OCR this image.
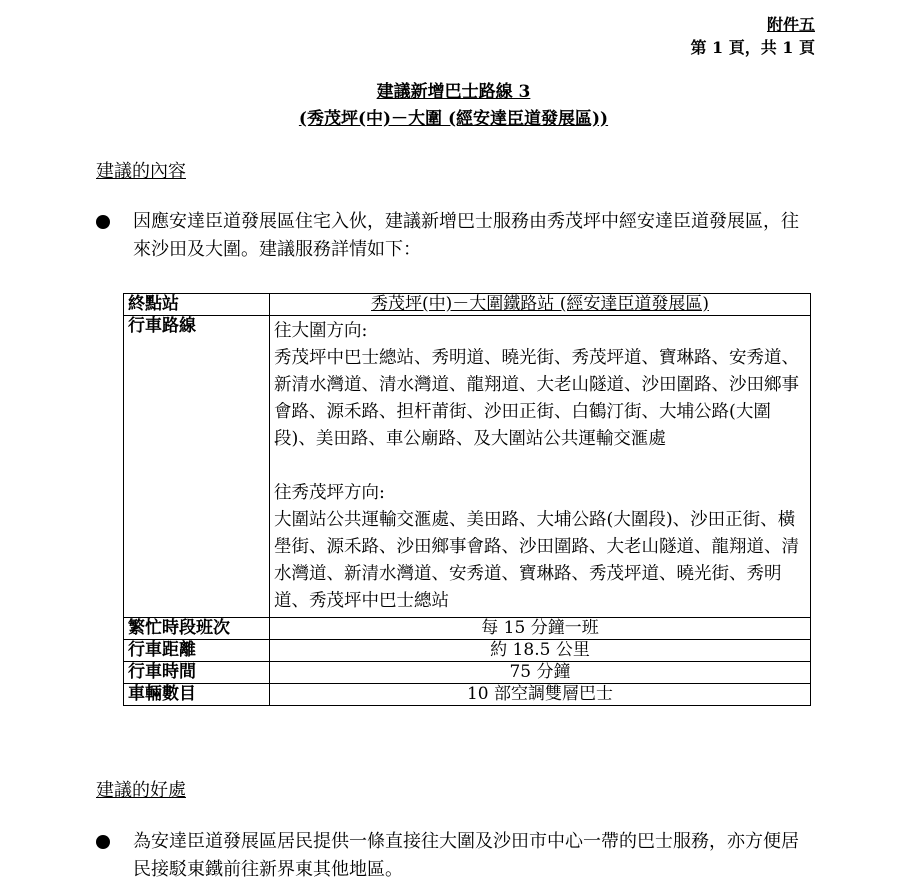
附件五
第 1 頁，共 1 頁
建議新增巴士路線 3
(秀茂坪(中)－大圍 (經安達臣道發展區))
建議的內容
因應安達臣道發展區住宅入伙，建議新增巴士服務由秀茂坪中經安達臣道發展區，往來沙田及大圍。建議服務詳情如下：
終點站	秀茂坪(中)－大圍鐵路站 (經安達臣道發展區)
行車路線	往大圍方向:
秀茂坪中巴士總站、秀明道、曉光街、秀茂坪道、寶琳路、安秀道、新清水灣道、清水灣道、龍翔道、大老山隧道、沙田圍路、沙田鄉事會路、源禾路、担杆莆街、沙田正街、白鶴汀街、大埔公路(大圍段)、美田路、車公廟路、及大圍站公共運輸交滙處
往秀茂坪方向:
大圍站公共運輸交滙處、美田路、大埔公路(大圍段)、沙田正街、橫壆街、源禾路、沙田鄉事會路、沙田圍路、大老山隧道、龍翔道、清水灣道、新清水灣道、安秀道、寶琳路、秀茂坪道、曉光街、秀明道、秀茂坪中巴士總站

繁忙時段班次	每 15 分鐘一班
行車距離	約 18.5 公里
行車時間	75 分鐘
車輛數目	10 部空調雙層巴士
建議的好處
為安達臣道發展區居民提供一條直接往大圍及沙田市中心一帶的巴士服務，亦方便居民接駁東鐵前往新界東其他地區。
